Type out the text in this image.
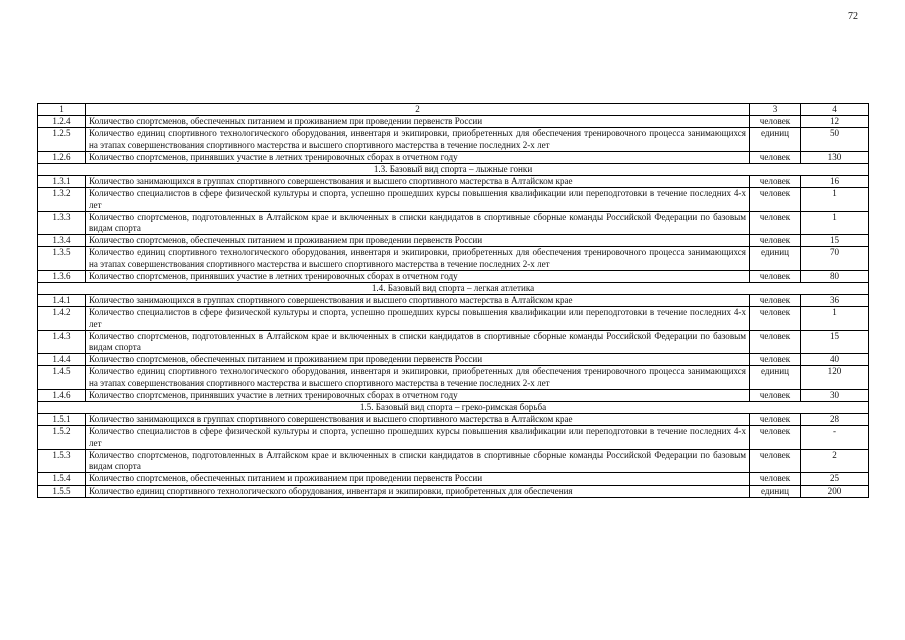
72
1	2	3	4
1.2.4	Количество спортсменов, обеспеченных питанием и проживанием при проведении первенств России	человек	12
1.2.5	Количество единиц спортивного технологического оборудования, инвентаря и экипировки, приобретенных для обеспечения тренировочного процесса занимающихся на этапах совершенствования спортивного мастерства и высшего спортивного мастерства в течение последних 2-х лет	единиц	50
1.2.6	Количество спортсменов, принявших участие в летних тренировочных сборах в отчетном году	человек	130
1.3. Базовый вид спорта – лыжные гонки			
1.3.1	Количество занимающихся в группах спортивного совершенствования и высшего спортивного мастерства в Алтайском крае	человек	16
1.3.2	Количество специалистов в сфере физической культуры и спорта, успешно прошедших курсы повышения квалификации или переподготовки в течение последних 4-х лет	человек	1
1.3.3	Количество спортсменов, подготовленных в Алтайском крае и включенных в списки кандидатов в спортивные сборные команды Российской Федерации по базовым видам спорта	человек	1
1.3.4	Количество спортсменов, обеспеченных питанием и проживанием при проведении первенств России	человек	15
1.3.5	Количество единиц спортивного технологического оборудования, инвентаря и экипировки, приобретенных для обеспечения тренировочного процесса занимающихся на этапах совершенствования спортивного мастерства и высшего спортивного мастерства в течение последних 2-х лет	единиц	70
1.3.6	Количество спортсменов, принявших участие в летних тренировочных сборах в отчетном году	человек	80
1.4. Базовый вид спорта – легкая атлетика			
1.4.1	Количество занимающихся в группах спортивного совершенствования и высшего спортивного мастерства в Алтайском крае	человек	36
1.4.2	Количество специалистов в сфере физической культуры и спорта, успешно прошедших курсы повышения квалификации или переподготовки в течение последних 4-х лет	человек	1
1.4.3	Количество спортсменов, подготовленных в Алтайском крае и включенных в списки кандидатов в спортивные сборные команды Российской Федерации по базовым видам спорта	человек	15
1.4.4	Количество спортсменов, обеспеченных питанием и проживанием при проведении первенств России	человек	40
1.4.5	Количество единиц спортивного технологического оборудования, инвентаря и экипировки, приобретенных для обеспечения тренировочного процесса занимающихся на этапах совершенствования спортивного мастерства и высшего спортивного мастерства в течение последних 2-х лет	единиц	120
1.4.6	Количество спортсменов, принявших участие в летних тренировочных сборах в отчетном году	человек	30
1.5. Базовый вид спорта – греко-римская борьба			
1.5.1	Количество занимающихся в группах спортивного совершенствования и высшего спортивного мастерства в Алтайском крае	человек	28
1.5.2	Количество специалистов в сфере физической культуры и спорта, успешно прошедших курсы повышения квалификации или переподготовки в течение последних 4-х лет	человек	-
1.5.3	Количество спортсменов, подготовленных в Алтайском крае и включенных в списки кандидатов в спортивные сборные команды Российской Федерации по базовым видам спорта	человек	2
1.5.4	Количество спортсменов, обеспеченных питанием и проживанием при проведении первенств России	человек	25
1.5.5	Количество единиц спортивного технологического оборудования, инвентаря и экипировки, приобретенных для обеспечения	единиц	200
